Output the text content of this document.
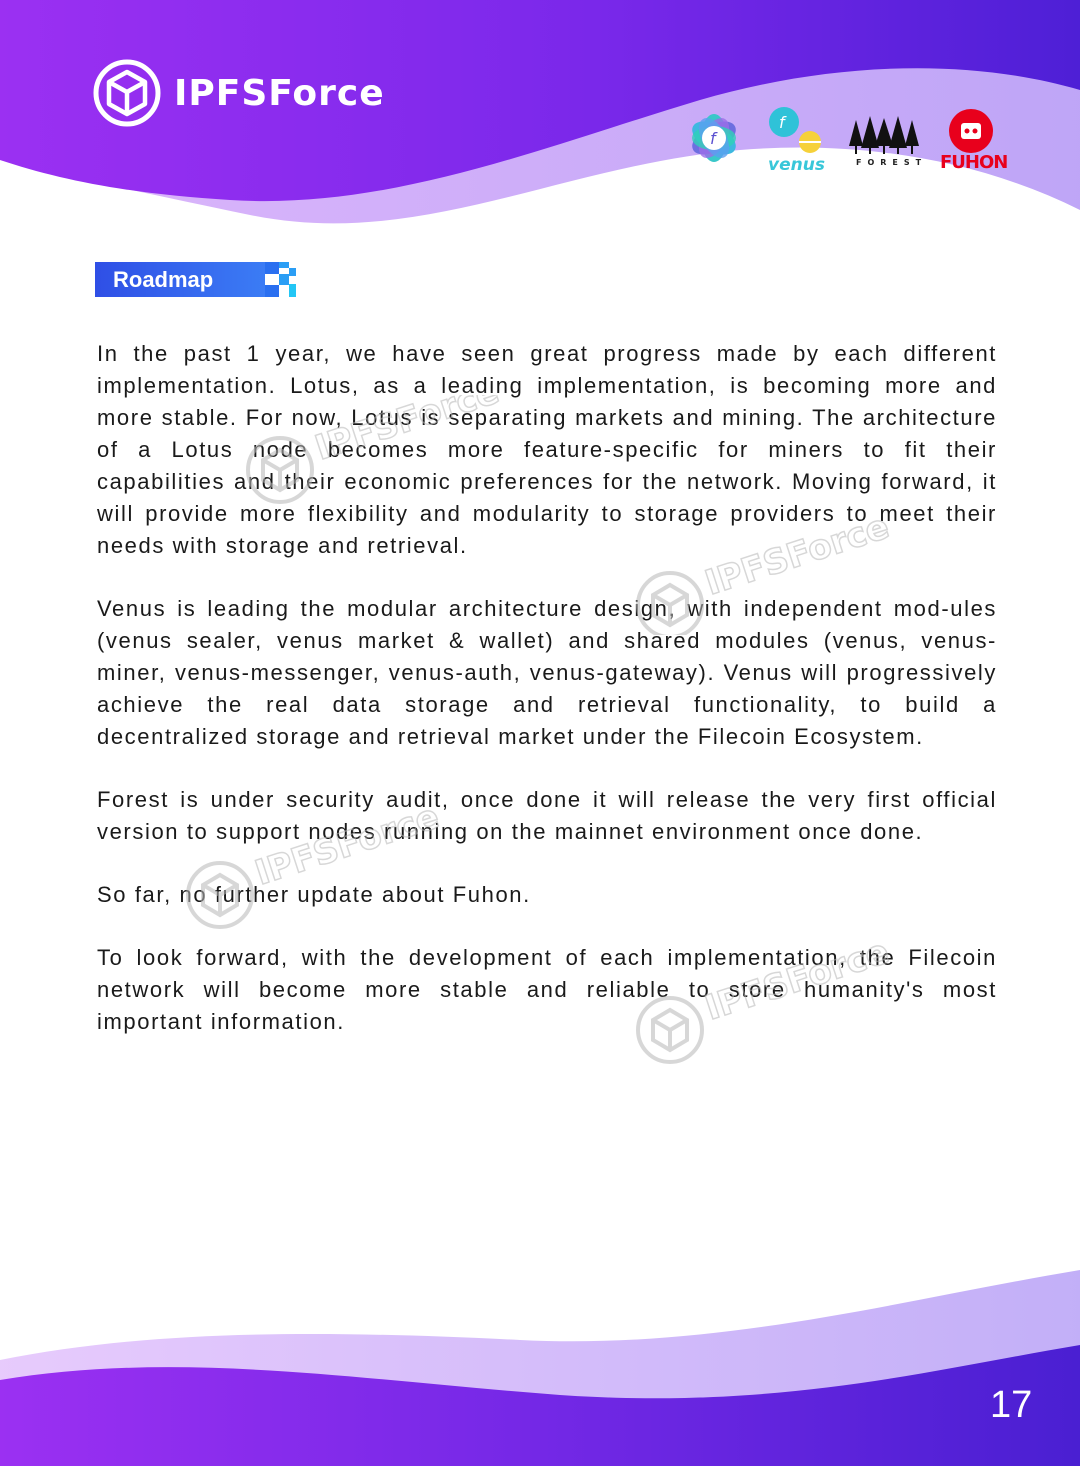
IPFSForce
f
f
venus	FOREST FUHON
Roadmap

In the past 1 year, we have seen great progress made by each different implementation. Lotus, as a leading implementation, is becoming more and more stable. For now, Lotus is separating markets and mining. The architecture of a Lotus node becomes more feature-specific for miners to fit their capabilities and their economic preferences for the network. Moving forward, it will provide more flexibility and modularity to storage providers to meet their needs with storage and retrieval.

Venus is leading the modular architecture design, with independent mod-ules (venus sealer, venus market & wallet) and shared modules (venus, venus-miner, venus-messenger, venus-auth, venus-gateway). Venus will progressively achieve the real data storage and retrieval functionality, to build a decentralized storage and retrieval market under the Filecoin Ecosystem.

Forest is under security audit, once done it will release the very first official version to support nodes running on the mainnet environment once done.

So far, no further update about Fuhon.

To look forward, with the development of each implementation, the Filecoin network will become more stable and reliable to store humanity's most important information.

IPFSForce
IPFSForce
IPFSForce
IPFSForce
17
